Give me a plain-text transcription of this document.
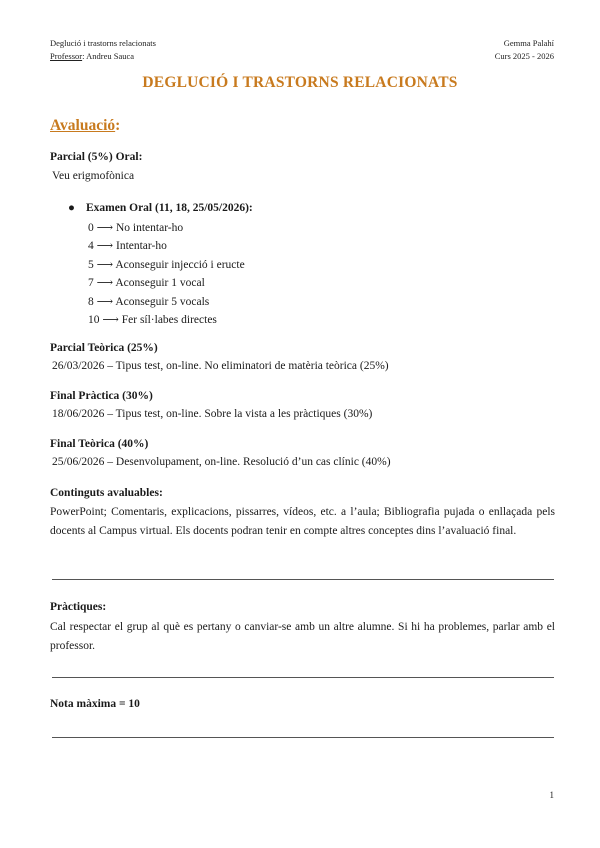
Deglució i trastorns relacionats
Professor: Andreu Sauca
Gemma Palahí
Curs 2025 - 2026
DEGLUCIÓ I TRASTORNS RELACIONATS
Avaluació:
Parcial (5%) Oral:
Veu erigmofònica
● Examen Oral (11, 18, 25/05/2026):
0 ⟶ No intentar-ho
4 ⟶ Intentar-ho
5 ⟶ Aconseguir injecció i eructe
7 ⟶ Aconseguir 1 vocal
8 ⟶ Aconseguir 5 vocals
10 ⟶ Fer síl·labes directes
Parcial Teòrica (25%)
26/03/2026 – Tipus test, on-line. No eliminatori de matèria teòrica (25%)
Final Pràctica (30%)
18/06/2026 – Tipus test, on-line. Sobre la vista a les pràctiques (30%)
Final Teòrica (40%)
25/06/2026 – Desenvolupament, on-line. Resolució d’un cas clínic (40%)
Continguts avaluables:
PowerPoint; Comentaris, explicacions, pissarres, vídeos, etc. a l’aula; Bibliografia pujada o enllaçada pels docents al Campus virtual. Els docents podran tenir en compte altres conceptes dins l’avaluació final.
Pràctiques:
Cal respectar el grup al què es pertany o canviar-se amb un altre alumne. Si hi ha problemes, parlar amb el professor.
Nota màxima = 10
1
